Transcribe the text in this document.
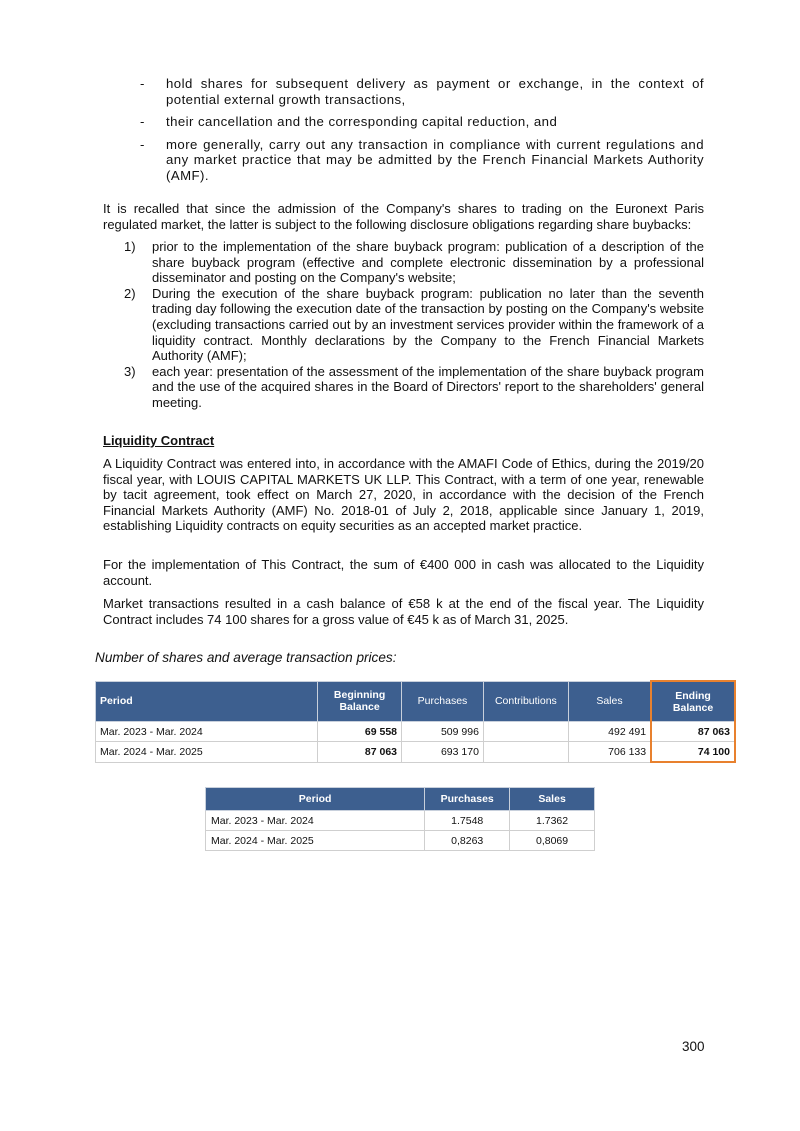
-	hold shares for subsequent delivery as payment or exchange, in the context of potential external growth transactions,
-	their cancellation and the corresponding capital reduction, and
-	more generally, carry out any transaction in compliance with current regulations and any market practice that may be admitted by the French Financial Markets Authority (AMF).
It is recalled that since the admission of the Company's shares to trading on the Euronext Paris regulated market, the latter is subject to the following disclosure obligations regarding share buybacks:
1)	prior to the implementation of the share buyback program: publication of a description of the share buyback program (effective and complete electronic dissemination by a professional disseminator and posting on the Company's website;
2)	During the execution of the share buyback program: publication no later than the seventh trading day following the execution date of the transaction by posting on the Company's website (excluding transactions carried out by an investment services provider within the framework of a liquidity contract. Monthly declarations by the Company to the French Financial Markets Authority (AMF);
3)	each year: presentation of the assessment of the implementation of the share buyback program and the use of the acquired shares in the Board of Directors' report to the shareholders' general meeting.
Liquidity Contract
A Liquidity Contract was entered into, in accordance with the AMAFI Code of Ethics, during the 2019/20 fiscal year, with LOUIS CAPITAL MARKETS UK LLP. This Contract, with a term of one year, renewable by tacit agreement, took effect on March 27, 2020, in accordance with the decision of the French Financial Markets Authority (AMF) No. 2018-01 of July 2, 2018, applicable since January 1, 2019, establishing Liquidity contracts on equity securities as an accepted market practice.
For the implementation of This Contract, the sum of €400 000 in cash was allocated to the Liquidity account.
Market transactions resulted in a cash balance of €58 k at the end of the fiscal year. The Liquidity Contract includes 74 100 shares for a gross value of €45 k as of March 31, 2025.
Number of shares and average transaction prices:
Period	Beginning Balance	Purchases	Contributions	Sales	Ending Balance
Mar. 2023 - Mar. 2024	69 558	509 996		492 491	87 063
Mar. 2024 - Mar. 2025	87 063	693 170		706 133	74 100
Period	Purchases	Sales
Mar. 2023 - Mar. 2024	1.7548	1.7362
Mar. 2024 - Mar. 2025	0,8263	0,8069
300
